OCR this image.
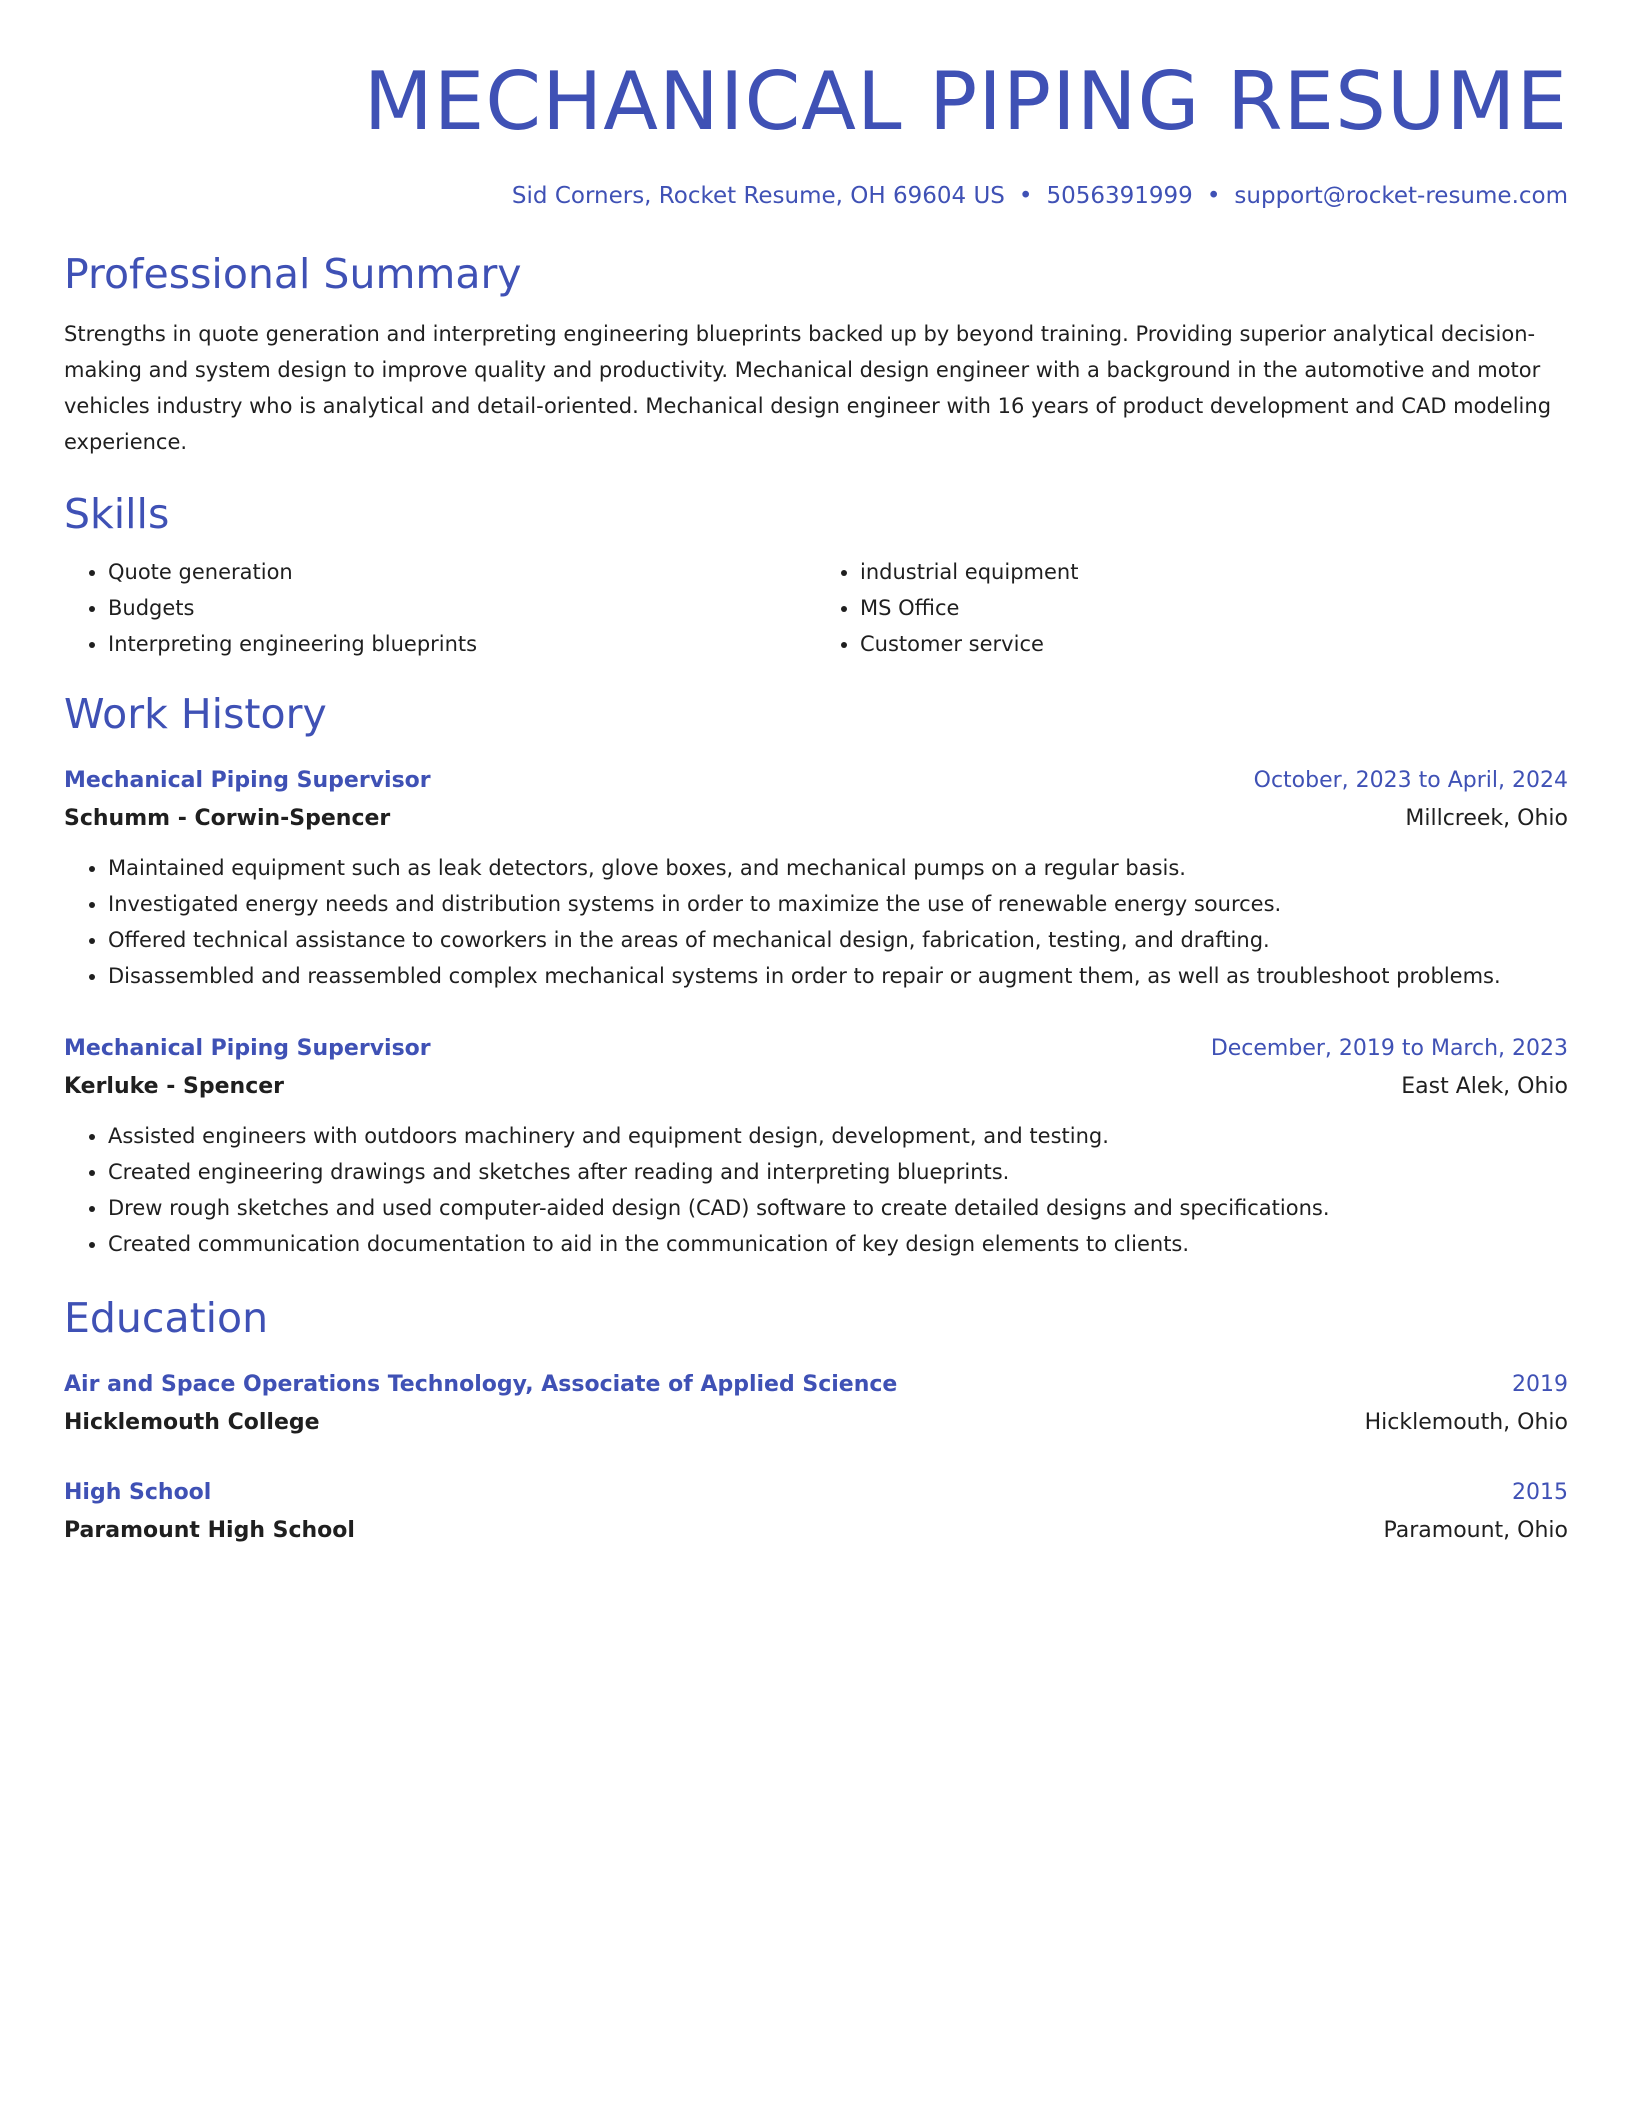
MECHANICAL PIPING RESUME
Sid Corners, Rocket Resume, OH 69604 US • 5056391999 • support@rocket-resume.com
Professional Summary
Strengths in quote generation and interpreting engineering blueprints backed up by beyond training. Providing superior analytical decision-making and system design to improve quality and productivity. Mechanical design engineer with a background in the automotive and motor vehicles industry who is analytical and detail-oriented. Mechanical design engineer with 16 years of product development and CAD modeling experience.
Skills
• Quote generation
• Budgets
• Interpreting engineering blueprints
• industrial equipment
• MS Office
• Customer service
Work History
Mechanical Piping Supervisor	October, 2023 to April, 2024
Schumm - Corwin-Spencer	Millcreek, Ohio
• Maintained equipment such as leak detectors, glove boxes, and mechanical pumps on a regular basis.
• Investigated energy needs and distribution systems in order to maximize the use of renewable energy sources.
• Offered technical assistance to coworkers in the areas of mechanical design, fabrication, testing, and drafting.
• Disassembled and reassembled complex mechanical systems in order to repair or augment them, as well as troubleshoot problems.
Mechanical Piping Supervisor	December, 2019 to March, 2023
Kerluke - Spencer	East Alek, Ohio
• Assisted engineers with outdoors machinery and equipment design, development, and testing.
• Created engineering drawings and sketches after reading and interpreting blueprints.
• Drew rough sketches and used computer-aided design (CAD) software to create detailed designs and specifications.
• Created communication documentation to aid in the communication of key design elements to clients.
Education
Air and Space Operations Technology, Associate of Applied Science	2019
Hicklemouth College	Hicklemouth, Ohio
High School	2015
Paramount High School	Paramount, Ohio
